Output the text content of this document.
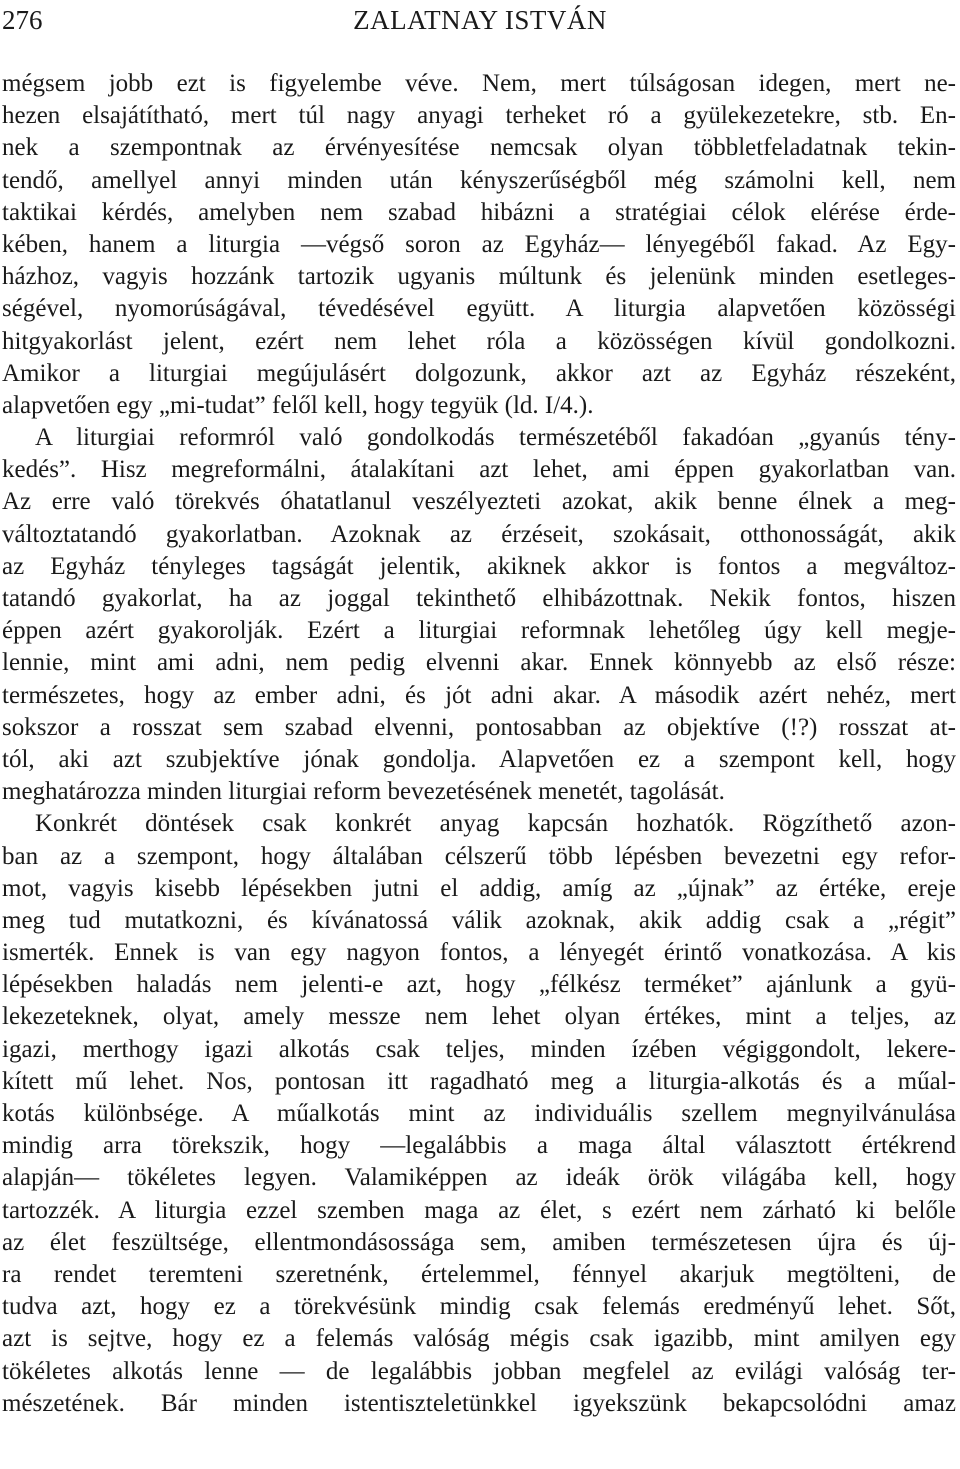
276	ZALATNAY ISTVÁN
mégsem jobb ezt is figyelembe véve. Nem, mert túlságosan idegen, mert ne-
hezen elsajátítható, mert túl nagy anyagi terheket ró a gyülekezetekre, stb. En-
nek a szempontnak az érvényesítése nemcsak olyan többletfeladatnak tekin-
tendő, amellyel annyi minden után kényszerűségből még számolni kell, nem
taktikai kérdés, amelyben nem szabad hibázni a stratégiai célok elérése érde-
kében, hanem a liturgia —végső soron az Egyház— lényegéből fakad. Az Egy-
házhoz, vagyis hozzánk tartozik ugyanis múltunk és jelenünk minden esetleges-
ségével, nyomorúságával, tévedésével együtt. A liturgia alapvetően közösségi
hitgyakorlást jelent, ezért nem lehet róla a közösségen kívül gondolkozni.
Amikor a liturgiai megújulásért dolgozunk, akkor azt az Egyház részeként,
alapvetően egy „mi-tudat” felől kell, hogy tegyük (ld. I/4.).
A liturgiai reformról való gondolkodás természetéből fakadóan „gyanús tény-
kedés”. Hisz megreformálni, átalakítani azt lehet, ami éppen gyakorlatban van.
Az erre való törekvés óhatatlanul veszélyezteti azokat, akik benne élnek a meg-
változtatandó gyakorlatban. Azoknak az érzéseit, szokásait, otthonosságát, akik
az Egyház tényleges tagságát jelentik, akiknek akkor is fontos a megváltoz-
tatandó gyakorlat, ha az joggal tekinthető elhibázottnak. Nekik fontos, hiszen
éppen azért gyakorolják. Ezért a liturgiai reformnak lehetőleg úgy kell megje-
lennie, mint ami adni, nem pedig elvenni akar. Ennek könnyebb az első része:
természetes, hogy az ember adni, és jót adni akar. A második azért nehéz, mert
sokszor a rosszat sem szabad elvenni, pontosabban az objektíve (!?) rosszat at-
tól, aki azt szubjektíve jónak gondolja. Alapvetően ez a szempont kell, hogy
meghatározza minden liturgiai reform bevezetésének menetét, tagolását.
Konkrét döntések csak konkrét anyag kapcsán hozhatók. Rögzíthető azon-
ban az a szempont, hogy általában célszerű több lépésben bevezetni egy refor-
mot, vagyis kisebb lépésekben jutni el addig, amíg az „újnak” az értéke, ereje
meg tud mutatkozni, és kívánatossá válik azoknak, akik addig csak a „régit”
ismerték. Ennek is van egy nagyon fontos, a lényegét érintő vonatkozása. A kis
lépésekben haladás nem jelenti-e azt, hogy „félkész terméket” ajánlunk a gyü-
lekezeteknek, olyat, amely messze nem lehet olyan értékes, mint a teljes, az
igazi, merthogy igazi alkotás csak teljes, minden ízében végiggondolt, lekere-
kített mű lehet. Nos, pontosan itt ragadható meg a liturgia-alkotás és a műal-
kotás különbsége. A műalkotás mint az individuális szellem megnyilvánulása
mindig arra törekszik, hogy —legalábbis a maga által választott értékrend
alapján— tökéletes legyen. Valamiképpen az ideák örök világába kell, hogy
tartozzék. A liturgia ezzel szemben maga az élet, s ezért nem zárható ki belőle
az élet feszültsége, ellentmondásossága sem, amiben természetesen újra és új-
ra rendet teremteni szeretnénk, értelemmel, fénnyel akarjuk megtölteni, de
tudva azt, hogy ez a törekvésünk mindig csak felemás eredményű lehet. Sőt,
azt is sejtve, hogy ez a felemás valóság mégis csak igazibb, mint amilyen egy
tökéletes alkotás lenne — de legalábbis jobban megfelel az evilági valóság ter-
mészetének. Bár minden istentiszteletünkkel igyekszünk bekapcsolódni amaz
